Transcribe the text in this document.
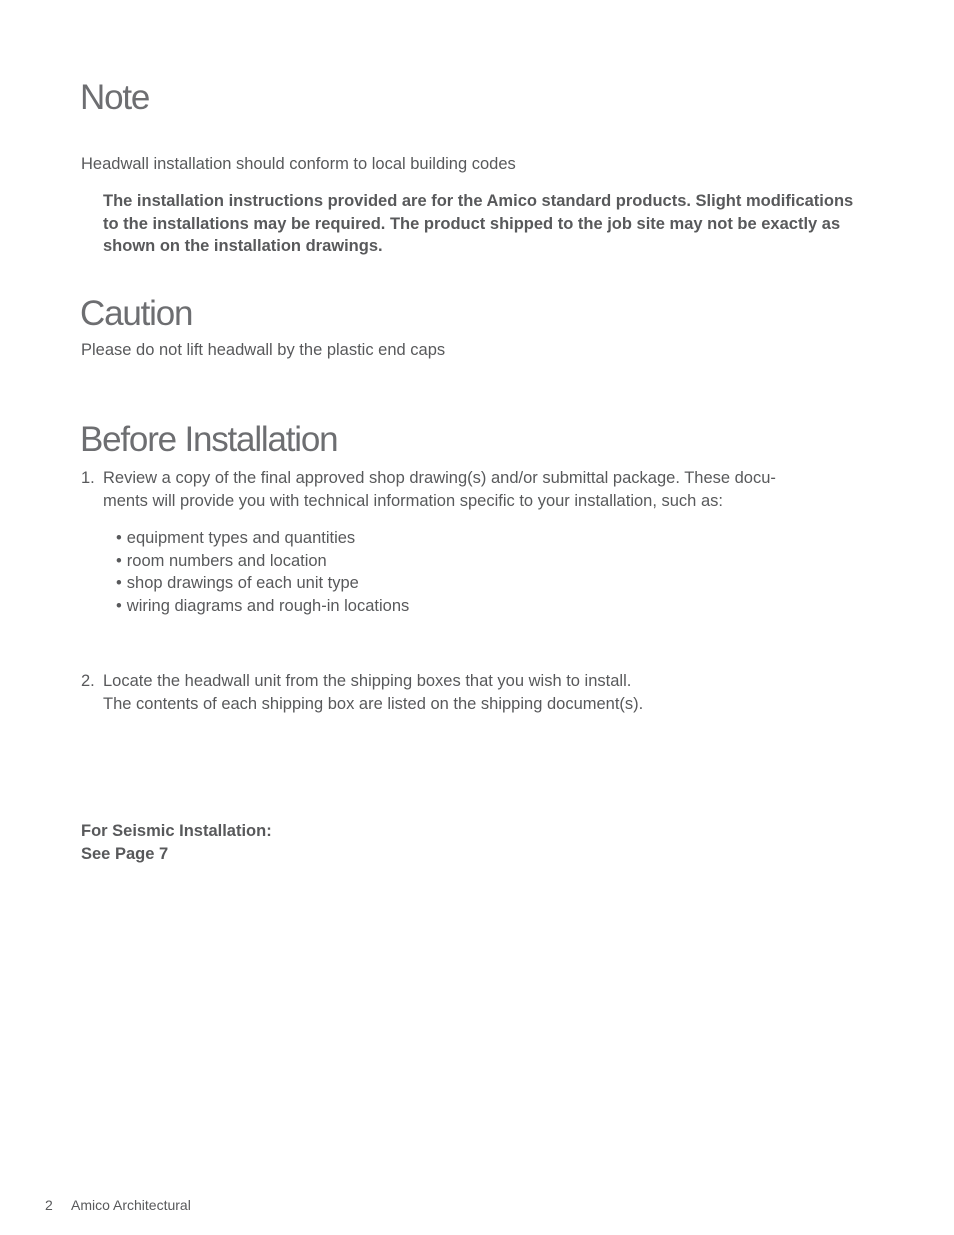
Note
Headwall installation should conform to local building codes
The installation instructions provided are for the Amico standard products. Slight modifications
to the installations may be required. The product shipped to the job site may not be exactly as
shown on the installation drawings.
Caution
Please do not lift headwall by the plastic end caps
Before Installation
1. Review a copy of the final approved shop drawing(s) and/or submittal package. These docu-
ments will provide you with technical information specific to your installation, such as:
• equipment types and quantities
• room numbers and location
• shop drawings of each unit type
• wiring diagrams and rough-in locations
2. Locate the headwall unit from the shipping boxes that you wish to install.
The contents of each shipping box are listed on the shipping document(s).
For Seismic Installation:
See Page 7
2 Amico Architectural
